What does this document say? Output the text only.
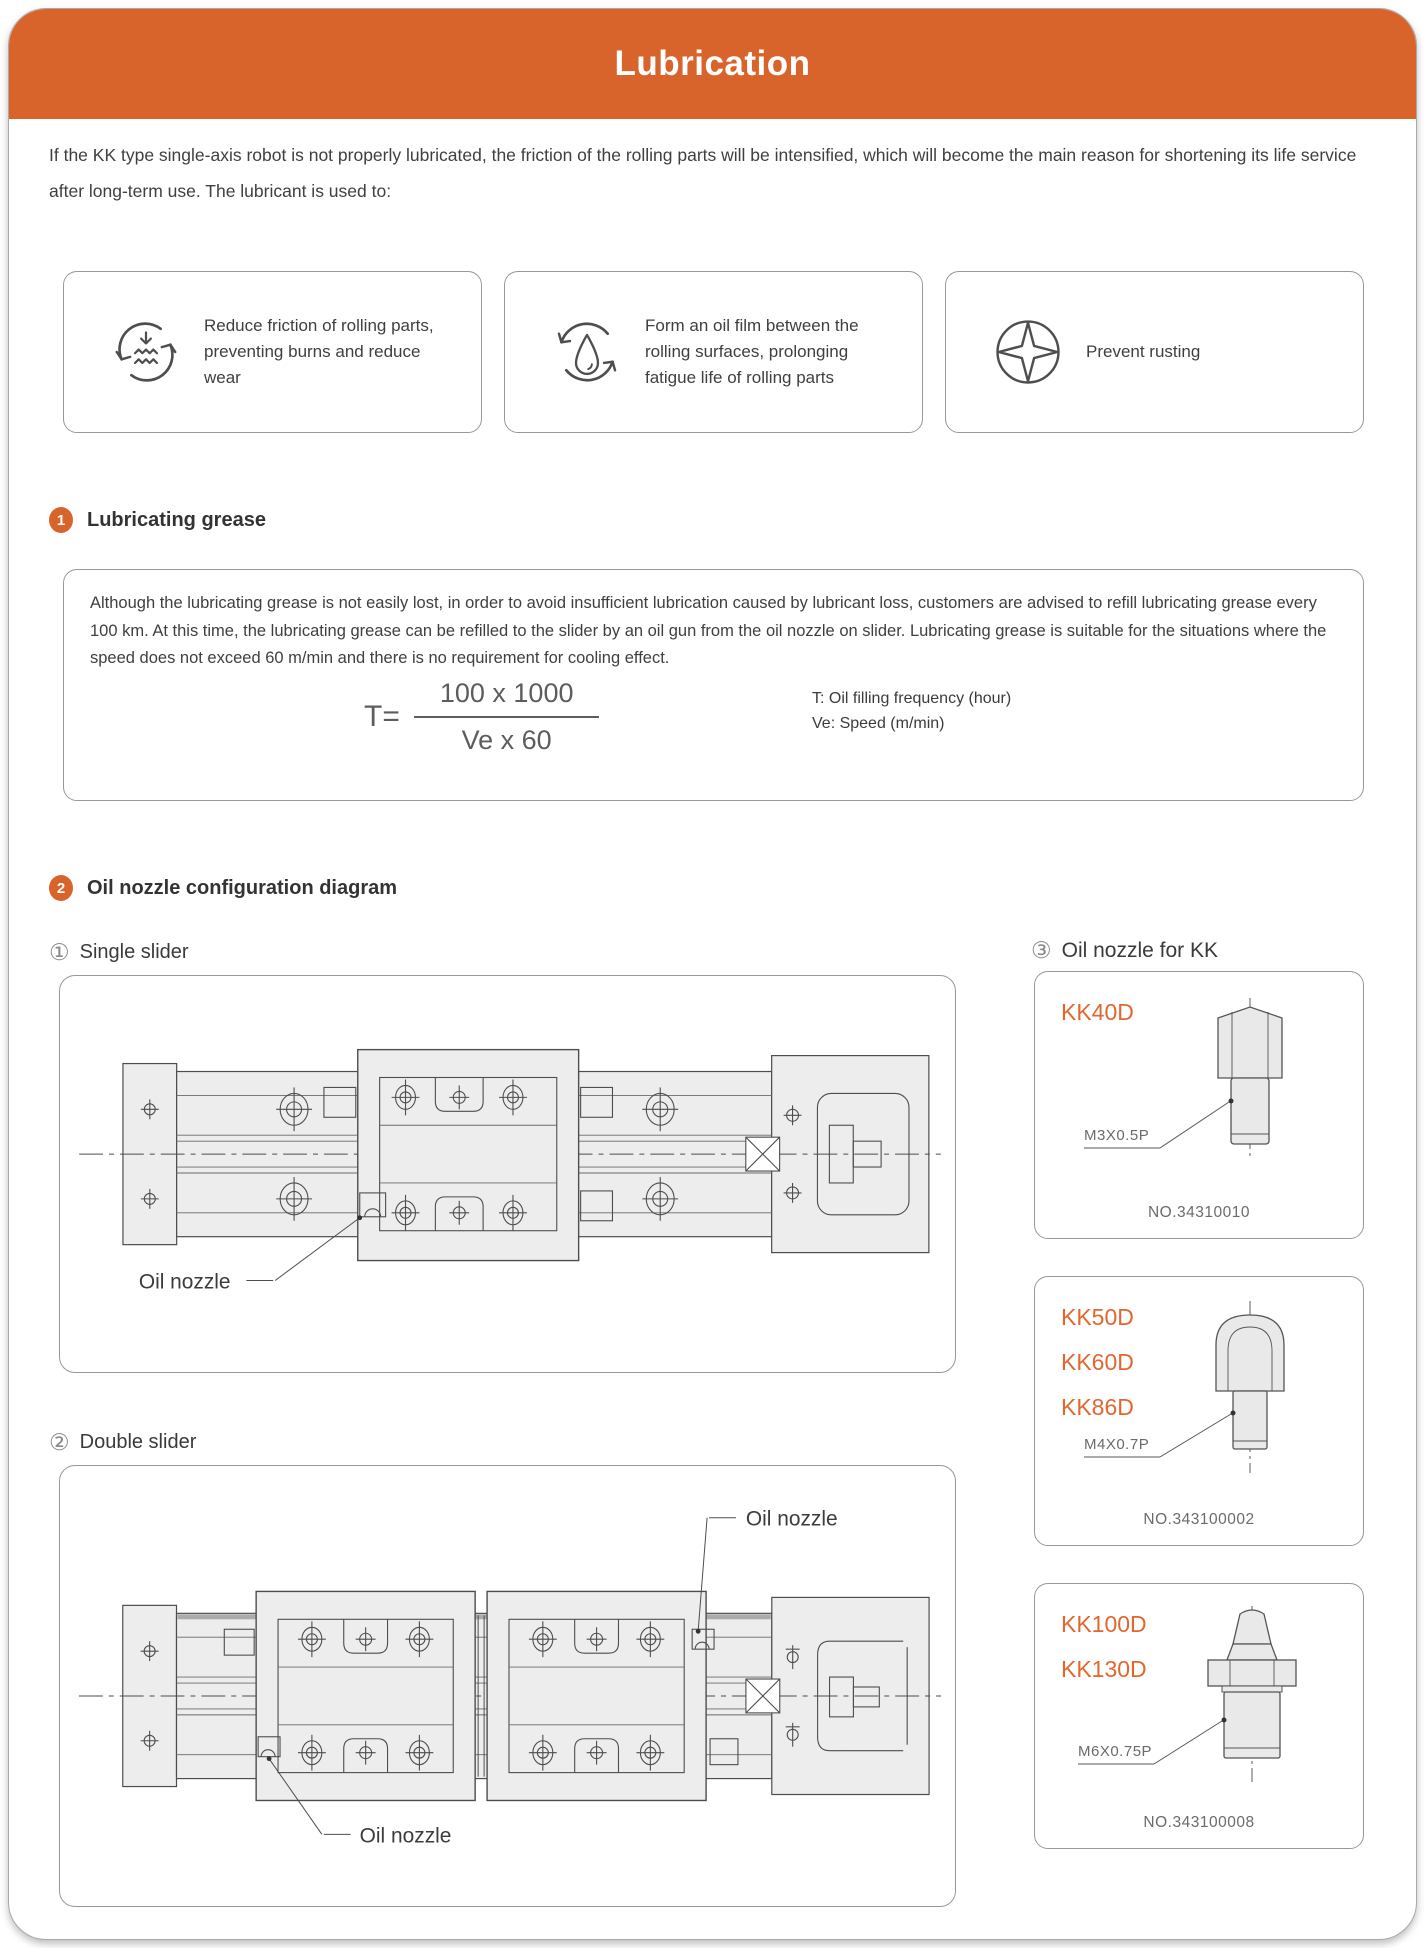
Lubrication
If the KK type single-axis robot is not properly lubricated, the friction of the rolling parts will be intensified, which will become the main reason for shortening its life service after long-term use. The lubricant is used to:
Reduce friction of rolling parts, preventing burns and reduce wear
Form an oil film between the rolling surfaces, prolonging fatigue life of rolling parts
Prevent rusting
1	Lubricating grease
Although the lubricating grease is not easily lost, in order to avoid insufficient lubrication caused by lubricant loss, customers are advised to refill lubricating grease every 100 km. At this time, the lubricating grease can be refilled to the slider by an oil gun from the oil nozzle on slider. Lubricating grease is suitable for the situations where the speed does not exceed 60 m/min and there is no requirement for cooling effect.
$T= \frac{100 x 1000}{\text{Ve x 60}}$	T: Oil filling frequency (hour)
Ve: Speed (m/min)
2	Oil nozzle configuration diagram
① Single slider	③ Oil nozzle for KK
Oil nozzle
② Double slider
Oil nozzle
Oil nozzle
KK40D
M3X0.5P
NO.34310010
KK50D
KK60D
KK86D
M4X0.7P
NO.343100002
KK100D
KK130D
M6X0.75P
NO.343100008
